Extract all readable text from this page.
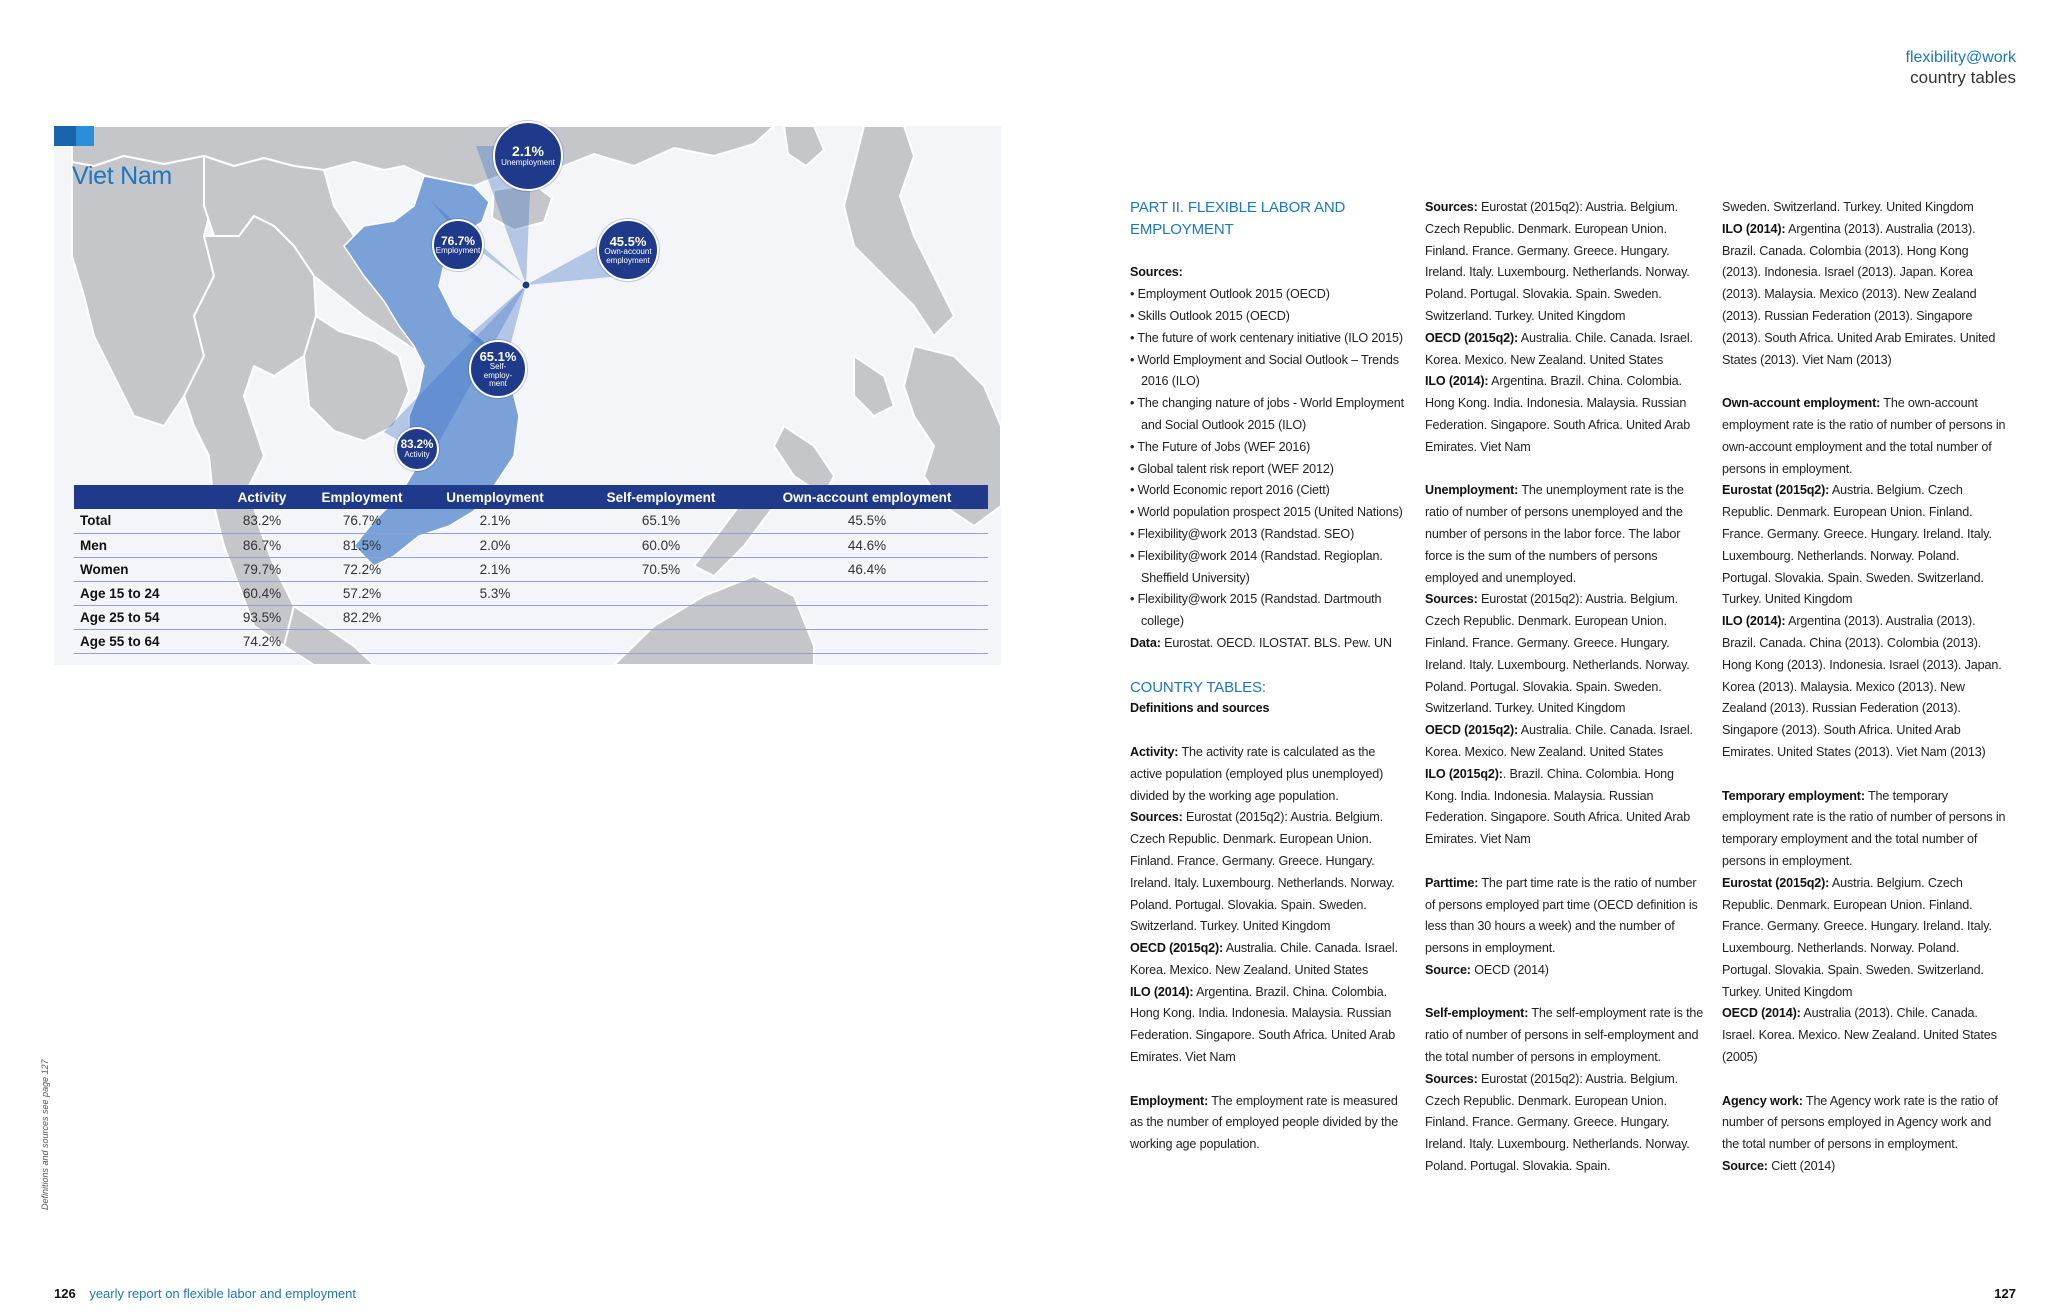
Viet Nam
2.1%
Unemployment
76.7%
Employment
45.5%
Own-account employment
65.1%
Self-employ-ment
83.2%
Activity
	Activity	Employment	Unemployment	Self-employment	Own-account employment
Total	83.2%	76.7%	2.1%	65.1%	45.5%
Men	86.7%	81.5%	2.0%	60.0%	44.6%
Women	79.7%	72.2%	2.1%	70.5%	46.4%
Age 15 to 24	60.4%	57.2%	5.3%		
Age 25 to 54	93.5%	82.2%			
Age 55 to 64	74.2%				
Definitions and sources see page 127
126 yearly report on flexible labor and employment
flexibility@work
country tables

PART II. FLEXIBLE LABOR AND EMPLOYMENT

Sources:

• Employment Outlook 2015 (OECD)
• Skills Outlook 2015 (OECD)
• The future of work centenary initiative (ILO 2015)
• World Employment and Social Outlook – Trends 2016 (ILO)
• The changing nature of jobs - World Employment and Social Outlook 2015 (ILO)
• The Future of Jobs (WEF 2016)
• Global talent risk report (WEF 2012)
• World Economic report 2016 (Ciett)
• World population prospect 2015 (United Nations)
• Flexibility@work 2013 (Randstad. SEO)
• Flexibility@work 2014 (Randstad. Regioplan. Sheffield University)
• Flexibility@work 2015 (Randstad. Dartmouth college)

Data: Eurostat. OECD. ILOSTAT. BLS. Pew. UN

COUNTRY TABLES:

Definitions and sources

Activity: The activity rate is calculated as the active population (employed plus unemployed) divided by the working age population.

Sources: Eurostat (2015q2): Austria. Belgium. Czech Republic. Denmark. European Union. Finland. France. Germany. Greece. Hungary. Ireland. Italy. Luxembourg. Netherlands. Norway. Poland. Portugal. Slovakia. Spain. Sweden. Switzerland. Turkey. United Kingdom

OECD (2015q2): Australia. Chile. Canada. Israel. Korea. Mexico. New Zealand. United States

ILO (2014): Argentina. Brazil. China. Colombia. Hong Kong. India. Indonesia. Malaysia. Russian Federation. Singapore. South Africa. United Arab Emirates. Viet Nam

Employment: The employment rate is measured as the number of employed people divided by the working age population.

Sources: Eurostat (2015q2): Austria. Belgium. Czech Republic. Denmark. European Union. Finland. France. Germany. Greece. Hungary. Ireland. Italy. Luxembourg. Netherlands. Norway. Poland. Portugal. Slovakia. Spain. Sweden. Switzerland. Turkey. United Kingdom

OECD (2015q2): Australia. Chile. Canada. Israel. Korea. Mexico. New Zealand. United States

ILO (2014): Argentina. Brazil. China. Colombia. Hong Kong. India. Indonesia. Malaysia. Russian Federation. Singapore. South Africa. United Arab Emirates. Viet Nam

Unemployment: The unemployment rate is the ratio of number of persons unemployed and the number of persons in the labor force. The labor force is the sum of the numbers of persons employed and unemployed.

Sources: Eurostat (2015q2): Austria. Belgium. Czech Republic. Denmark. European Union. Finland. France. Germany. Greece. Hungary. Ireland. Italy. Luxembourg. Netherlands. Norway. Poland. Portugal. Slovakia. Spain. Sweden. Switzerland. Turkey. United Kingdom

OECD (2015q2): Australia. Chile. Canada. Israel. Korea. Mexico. New Zealand. United States

ILO (2015q2):. Brazil. China. Colombia. Hong Kong. India. Indonesia. Malaysia. Russian Federation. Singapore. South Africa. United Arab Emirates. Viet Nam

Parttime: The part time rate is the ratio of number of persons employed part time (OECD definition is less than 30 hours a week) and the number of persons in employment.

Source: OECD (2014)

Self-employment: The self-employment rate is the ratio of number of persons in self-employment and the total number of persons in employment.

Sources: Eurostat (2015q2): Austria. Belgium. Czech Republic. Denmark. European Union. Finland. France. Germany. Greece. Hungary. Ireland. Italy. Luxembourg. Netherlands. Norway. Poland. Portugal. Slovakia. Spain.

Sweden. Switzerland. Turkey. United Kingdom

ILO (2014): Argentina (2013). Australia (2013). Brazil. Canada. Colombia (2013). Hong Kong (2013). Indonesia. Israel (2013). Japan. Korea (2013). Malaysia. Mexico (2013). New Zealand (2013). Russian Federation (2013). Singapore (2013). South Africa. United Arab Emirates. United States (2013). Viet Nam (2013)

Own-account employment: The own-account employment rate is the ratio of number of persons in own-account employment and the total number of persons in employment.

Eurostat (2015q2): Austria. Belgium. Czech Republic. Denmark. European Union. Finland. France. Germany. Greece. Hungary. Ireland. Italy. Luxembourg. Netherlands. Norway. Poland. Portugal. Slovakia. Spain. Sweden. Switzerland. Turkey. United Kingdom

ILO (2014): Argentina (2013). Australia (2013). Brazil. Canada. China (2013). Colombia (2013). Hong Kong (2013). Indonesia. Israel (2013). Japan. Korea (2013). Malaysia. Mexico (2013). New Zealand (2013). Russian Federation (2013). Singapore (2013). South Africa. United Arab Emirates. United States (2013). Viet Nam (2013)

Temporary employment: The temporary employment rate is the ratio of number of persons in temporary employment and the total number of persons in employment.

Eurostat (2015q2): Austria. Belgium. Czech Republic. Denmark. European Union. Finland. France. Germany. Greece. Hungary. Ireland. Italy. Luxembourg. Netherlands. Norway. Poland. Portugal. Slovakia. Spain. Sweden. Switzerland. Turkey. United Kingdom

OECD (2014): Australia (2013). Chile. Canada. Israel. Korea. Mexico. New Zealand. United States (2005)

Agency work: The Agency work rate is the ratio of number of persons employed in Agency work and the total number of persons in employment.

Source: Ciett (2014)

127
